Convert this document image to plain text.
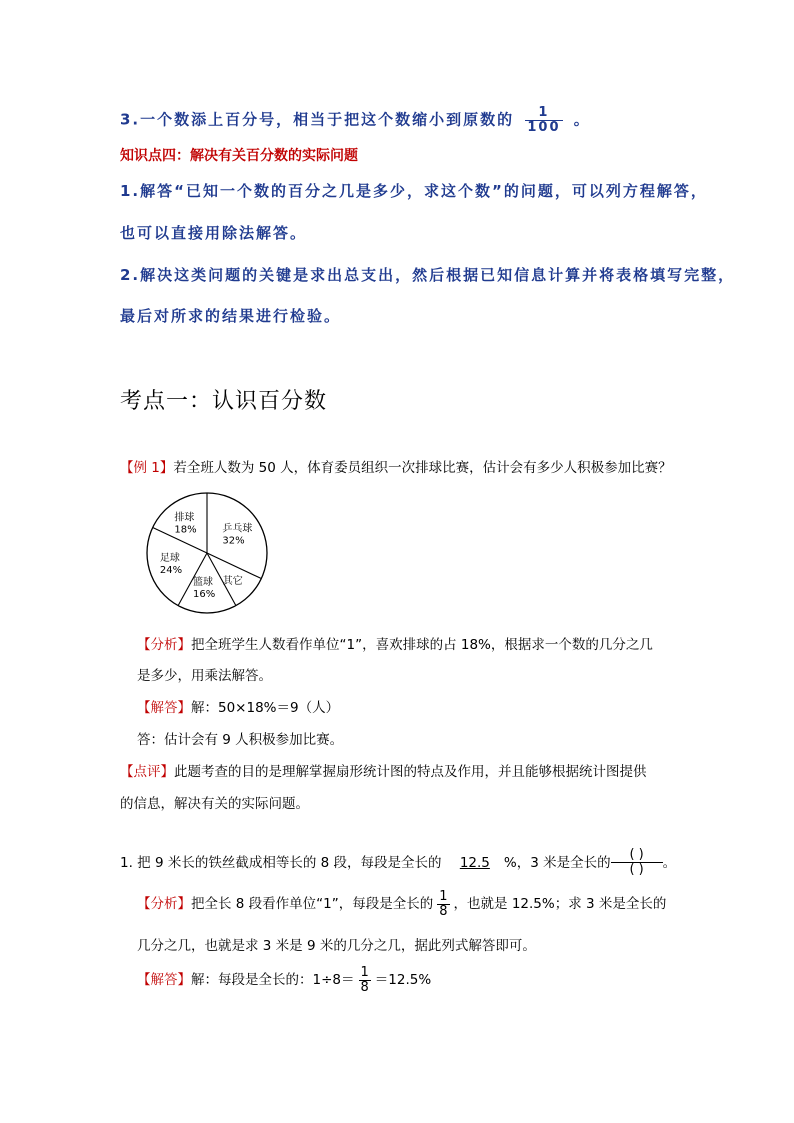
3.一个数添上百分号，相当于把这个数缩小到原数的 $\frac{1}{100}$ 。
知识点四：解决有关百分数的实际问题
1.解答“已知一个数的百分之几是多少，求这个数”的问题，可以列方程解答，
也可以直接用除法解答。
2.解决这类问题的关键是求出总支出，然后根据已知信息计算并将表格填写完整，
最后对所求的结果进行检验。
考点一：认识百分数
【例 1】若全班人数为 50 人，体育委员组织一次排球比赛，估计会有多少人积极参加比赛？
乒乓球
32%
其它
篮球
16%
足球
24%
排球
18%
【分析】把全班学生人数看作单位“1”，喜欢排球的占 18%，根据求一个数的几分之几
是多少，用乘法解答。
【解答】解：50×18%＝9（人）
答：估计会有 9 人积极参加比赛。
【点评】此题考查的目的是理解掌握扇形统计图的特点及作用，并且能够根据统计图提供
的信息，解决有关的实际问题。
1. 把 9 米长的铁丝截成相等长的 8 段，每段是全长的 12.5 %，3 米是全长的 $\frac{( )}{( )}$ 。
【分析】把全长 8 段看作单位“1”，每段是全长的 $\frac{1}{8}$ ，也就是 12.5%；求 3 米是全长的
几分之几，也就是求 3 米是 9 米的几分之几，据此列式解答即可。
【解答】解：每段是全长的：$1\div 8= \frac{1}{8} =12.5\%$
